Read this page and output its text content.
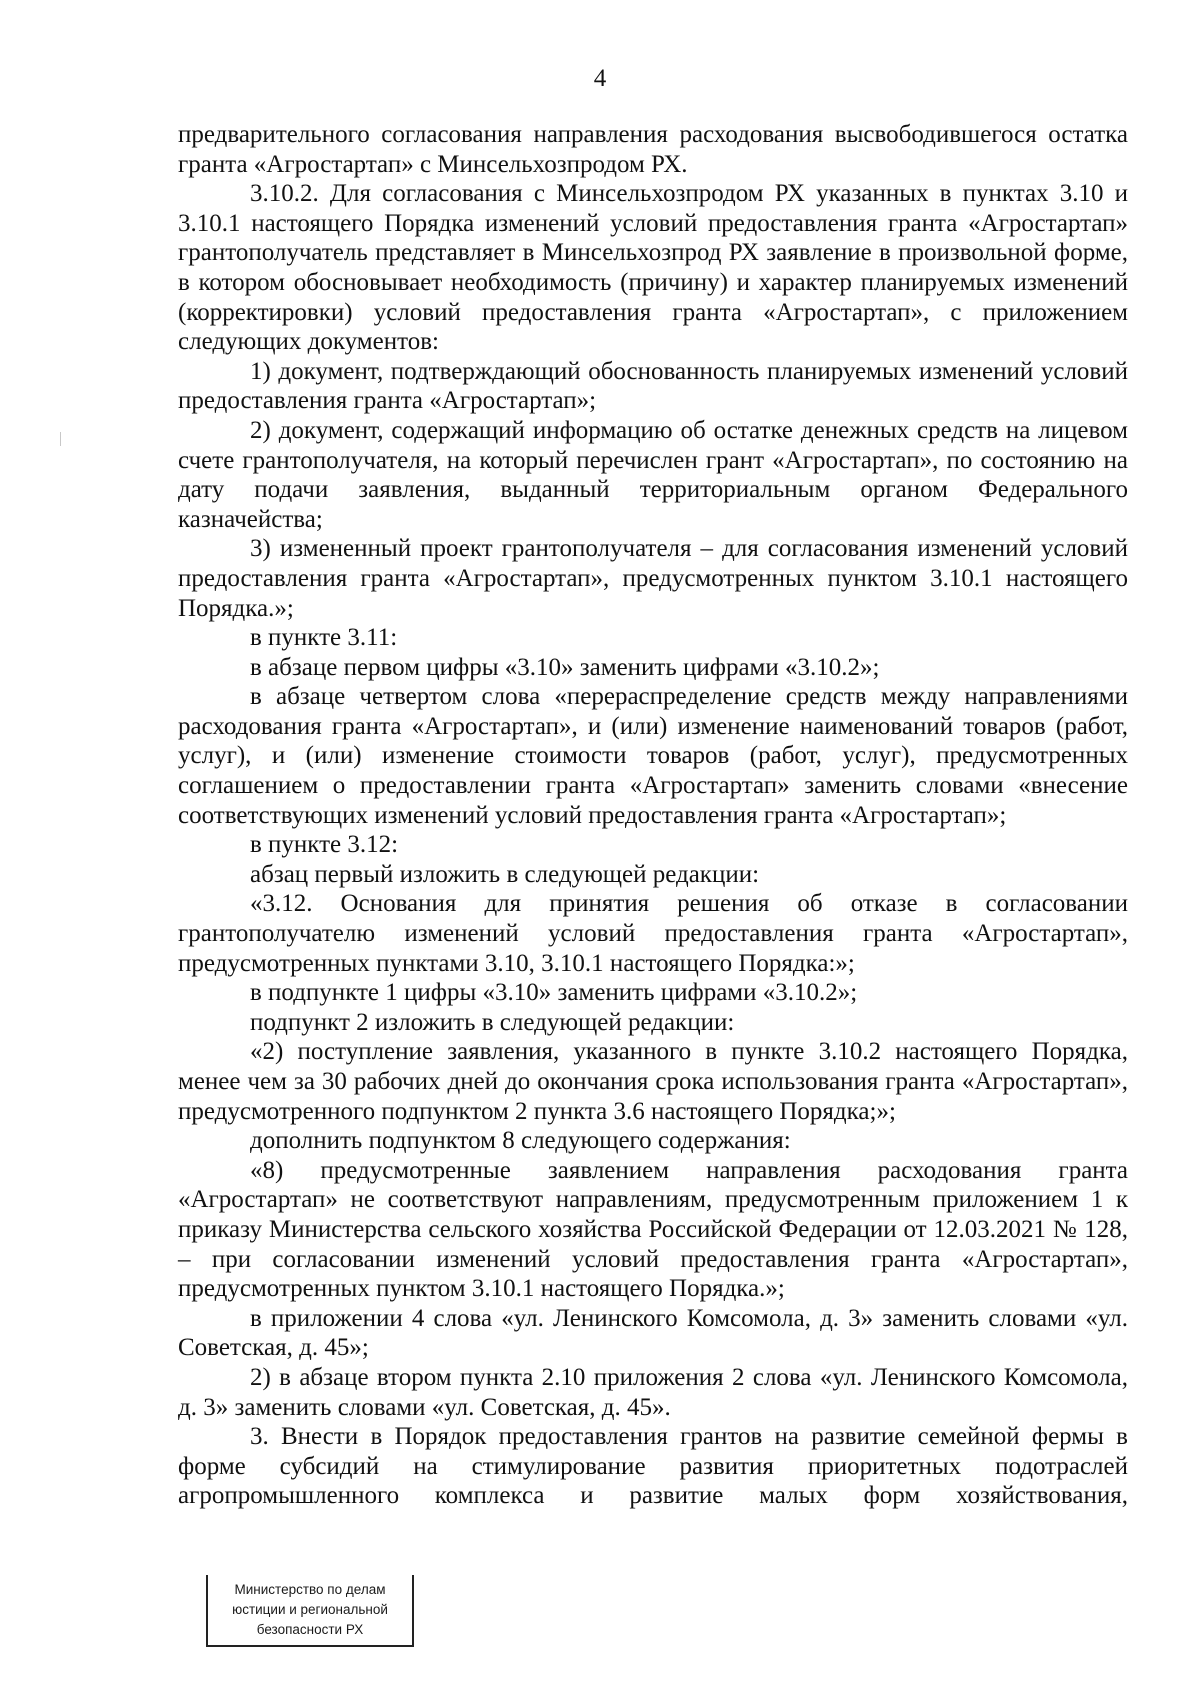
4

предварительного согласования направления расходования высвободившегося остатка гранта «Агростартап» с Минсельхозпродом РХ.

3.10.2. Для согласования с Минсельхозпродом РХ указанных в пунктах 3.10 и 3.10.1 настоящего Порядка изменений условий предоставления гранта «Агростартап» грантополучатель представляет в Минсельхозпрод РХ заявление в произвольной форме, в котором обосновывает необходимость (причину) и характер планируемых изменений (корректировки) условий предоставления гранта «Агростартап», с приложением следующих документов:

1) документ, подтверждающий обоснованность планируемых изменений условий предоставления гранта «Агростартап»;

2) документ, содержащий информацию об остатке денежных средств на лицевом счете грантополучателя, на который перечислен грант «Агростартап», по состоянию на дату подачи заявления, выданный территориальным органом Федерального казначейства;

3) измененный проект грантополучателя – для согласования изменений условий предоставления гранта «Агростартап», предусмотренных пунктом 3.10.1 настоящего Порядка.»;

в пункте 3.11:

в абзаце первом цифры «3.10» заменить цифрами «3.10.2»;

в абзаце четвертом слова «перераспределение средств между направлениями расходования гранта «Агростартап», и (или) изменение наименований товаров (работ, услуг), и (или) изменение стоимости товаров (работ, услуг), предусмотренных соглашением о предоставлении гранта «Агростартап» заменить словами «внесение соответствующих изменений условий предоставления гранта «Агростартап»;

в пункте 3.12:

абзац первый изложить в следующей редакции:

«3.12. Основания для принятия решения об отказе в согласовании грантополучателю изменений условий предоставления гранта «Агростартап», предусмотренных пунктами 3.10, 3.10.1 настоящего Порядка:»;

в подпункте 1 цифры «3.10» заменить цифрами «3.10.2»;

подпункт 2 изложить в следующей редакции:

«2) поступление заявления, указанного в пункте 3.10.2 настоящего Порядка, менее чем за 30 рабочих дней до окончания срока использования гранта «Агростартап», предусмотренного подпунктом 2 пункта 3.6 настоящего Порядка;»;

дополнить подпунктом 8 следующего содержания:

«8) предусмотренные заявлением направления расходования гранта «Агростартап» не соответствуют направлениям, предусмотренным приложением 1 к приказу Министерства сельского хозяйства Российской Федерации от 12.03.2021 № 128, – при согласовании изменений условий предоставления гранта «Агростартап», предусмотренных пунктом 3.10.1 настоящего Порядка.»;

в приложении 4 слова «ул. Ленинского Комсомола, д. 3» заменить словами «ул. Советская, д. 45»;

2) в абзаце втором пункта 2.10 приложения 2 слова «ул. Ленинского Комсомола, д. 3» заменить словами «ул. Советская, д. 45».

3. Внести в Порядок предоставления грантов на развитие семейной фермы в форме субсидий на стимулирование развития приоритетных подотраслей агропромышленного комплекса и развитие малых форм хозяйствования,

Министерство по делам
юстиции и региональной
безопасности РХ
